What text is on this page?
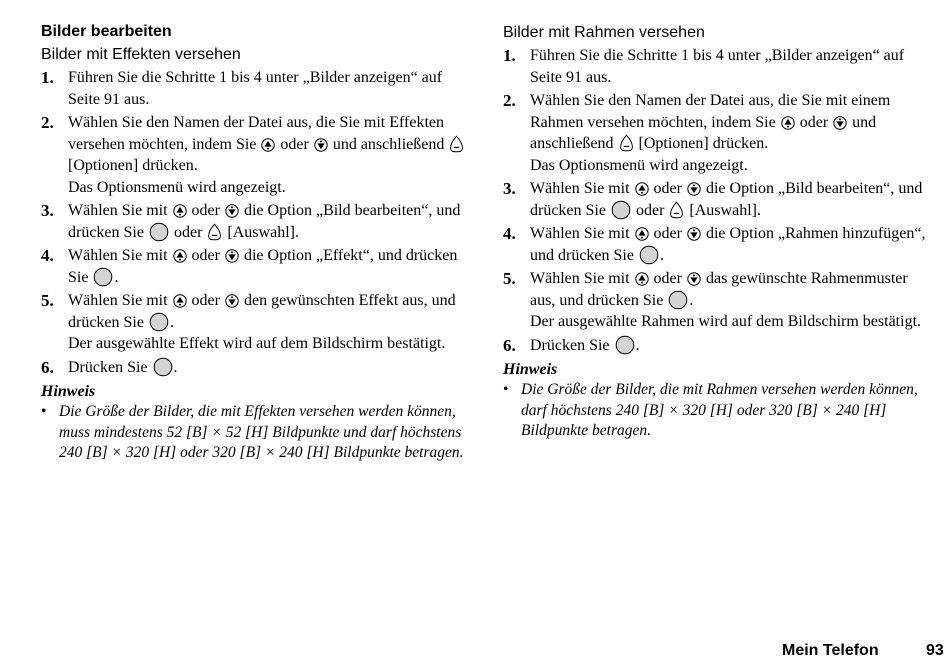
Bilder bearbeiten
Bilder mit Effekten versehen
1. Führen Sie die Schritte 1 bis 4 unter „Bilder anzeigen“ auf Seite 91 aus.
2. Wählen Sie den Namen der Datei aus, die Sie mit Effekten versehen möchten, indem Sie oder und anschließend  [Optionen] drücken.
Das Optionsmenü wird angezeigt.
3. Wählen Sie mit oder die Option „Bild bearbeiten“, und drücken Sie oder [Auswahl].
4. Wählen Sie mit oder die Option „Effekt“, und drücken Sie .
5. Wählen Sie mit oder den gewünschten Effekt aus, und drücken Sie .
Der ausgewählte Effekt wird auf dem Bildschirm bestätigt.
6. Drücken Sie .
Hinweis
• Die Größe der Bilder, die mit Effekten versehen werden können, muss mindestens 52 [B] × 52 [H] Bildpunkte und darf höchstens 240 [B] × 320 [H] oder 320 [B] × 240 [H] Bildpunkte betragen.
Bilder mit Rahmen versehen
1. Führen Sie die Schritte 1 bis 4 unter „Bilder anzeigen“ auf Seite 91 aus.
2. Wählen Sie den Namen der Datei aus, die Sie mit einem Rahmen versehen möchten, indem Sie oder und anschließend [Optionen] drücken.
Das Optionsmenü wird angezeigt.
3. Wählen Sie mit oder die Option „Bild bearbeiten“, und drücken Sie oder [Auswahl].
4. Wählen Sie mit oder die Option „Rahmen hinzufügen“, und drücken Sie .
5. Wählen Sie mit oder das gewünschte Rahmenmuster aus, und drücken Sie .
Der ausgewählte Rahmen wird auf dem Bildschirm bestätigt.
6. Drücken Sie .
Hinweis
• Die Größe der Bilder, die mit Rahmen versehen werden können, darf höchstens 240 [B] × 320 [H] oder 320 [B] × 240 [H] Bildpunkte betragen.
Mein Telefon	93
